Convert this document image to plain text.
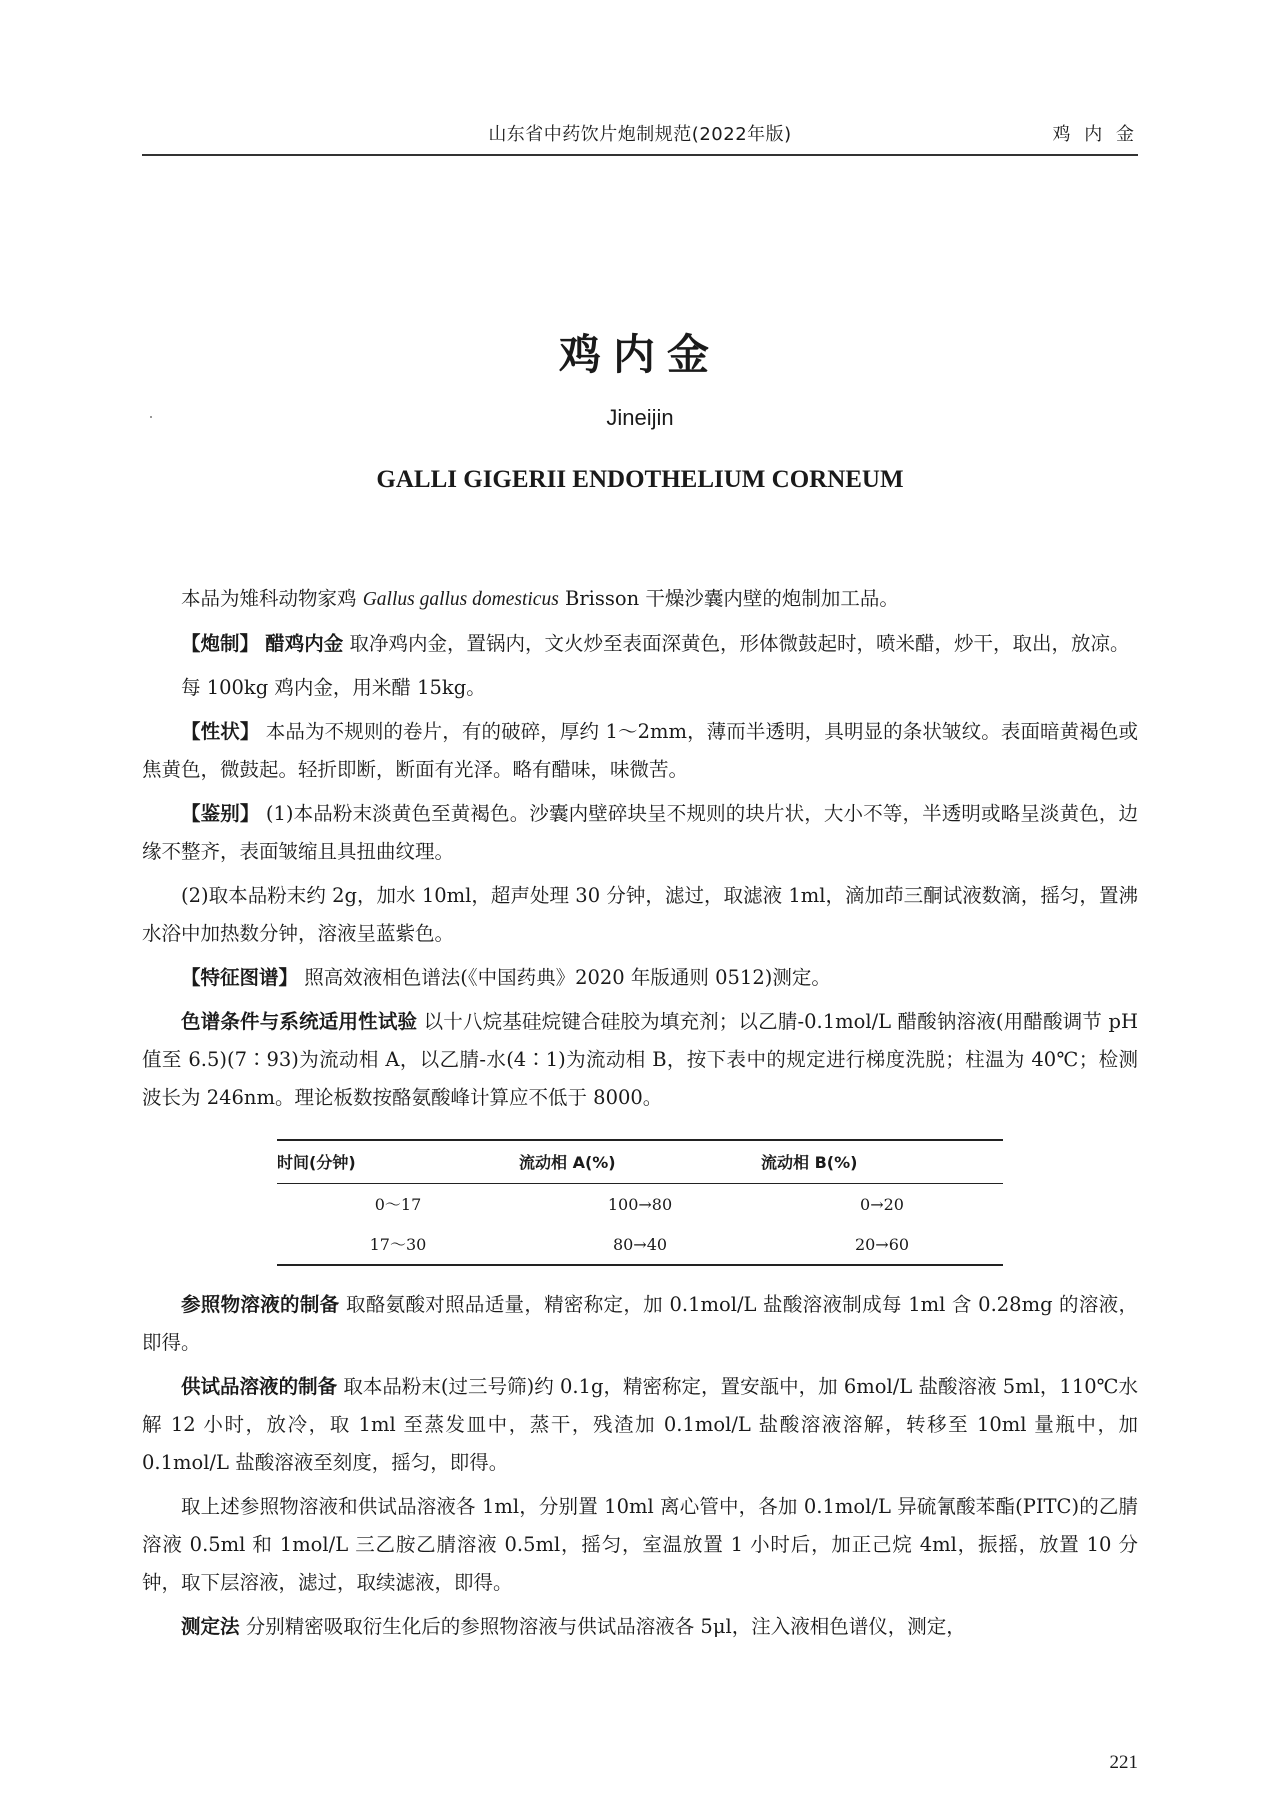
山东省中药饮片炮制规范(2022年版)	鸡 内 金
鸡内金
Jineijin
GALLI GIGERII ENDOTHELIUM CORNEUM

本品为雉科动物家鸡 Gallus gallus domesticus Brisson 干燥沙囊内壁的炮制加工品。

【炮制】 醋鸡内金 取净鸡内金，置锅内，文火炒至表面深黄色，形体微鼓起时，喷米醋，炒干，取出，放凉。

每 100kg 鸡内金，用米醋 15kg。

【性状】 本品为不规则的卷片，有的破碎，厚约 1～2mm，薄而半透明，具明显的条状皱纹。表面暗黄褐色或焦黄色，微鼓起。轻折即断，断面有光泽。略有醋味，味微苦。

【鉴别】 (1)本品粉末淡黄色至黄褐色。沙囊内壁碎块呈不规则的块片状，大小不等，半透明或略呈淡黄色，边缘不整齐，表面皱缩且具扭曲纹理。

(2)取本品粉末约 2g，加水 10ml，超声处理 30 分钟，滤过，取滤液 1ml，滴加茚三酮试液数滴，摇匀，置沸水浴中加热数分钟，溶液呈蓝紫色。

【特征图谱】 照高效液相色谱法(《中国药典》2020 年版通则 0512)测定。

色谱条件与系统适用性试验 以十八烷基硅烷键合硅胶为填充剂；以乙腈-0.1mol/L 醋酸钠溶液(用醋酸调节 pH 值至 6.5)(7∶93)为流动相 A，以乙腈-水(4∶1)为流动相 B，按下表中的规定进行梯度洗脱；柱温为 40℃；检测波长为 246nm。理论板数按酪氨酸峰计算应不低于 8000。

时间(分钟)	流动相 A(%)	流动相 B(%)
0～17	100→80	0→20
17～30	80→40	20→60

参照物溶液的制备 取酪氨酸对照品适量，精密称定，加 0.1mol/L 盐酸溶液制成每 1ml 含 0.28mg 的溶液，即得。

供试品溶液的制备 取本品粉末(过三号筛)约 0.1g，精密称定，置安瓿中，加 6mol/L 盐酸溶液 5ml，110℃水解 12 小时，放冷，取 1ml 至蒸发皿中，蒸干，残渣加 0.1mol/L 盐酸溶液溶解，转移至 10ml 量瓶中，加 0.1mol/L 盐酸溶液至刻度，摇匀，即得。

取上述参照物溶液和供试品溶液各 1ml，分别置 10ml 离心管中，各加 0.1mol/L 异硫氰酸苯酯(PITC)的乙腈溶液 0.5ml 和 1mol/L 三乙胺乙腈溶液 0.5ml，摇匀，室温放置 1 小时后，加正己烷 4ml，振摇，放置 10 分钟，取下层溶液，滤过，取续滤液，即得。

测定法 分别精密吸取衍生化后的参照物溶液与供试品溶液各 5μl，注入液相色谱仪，测定，

221
